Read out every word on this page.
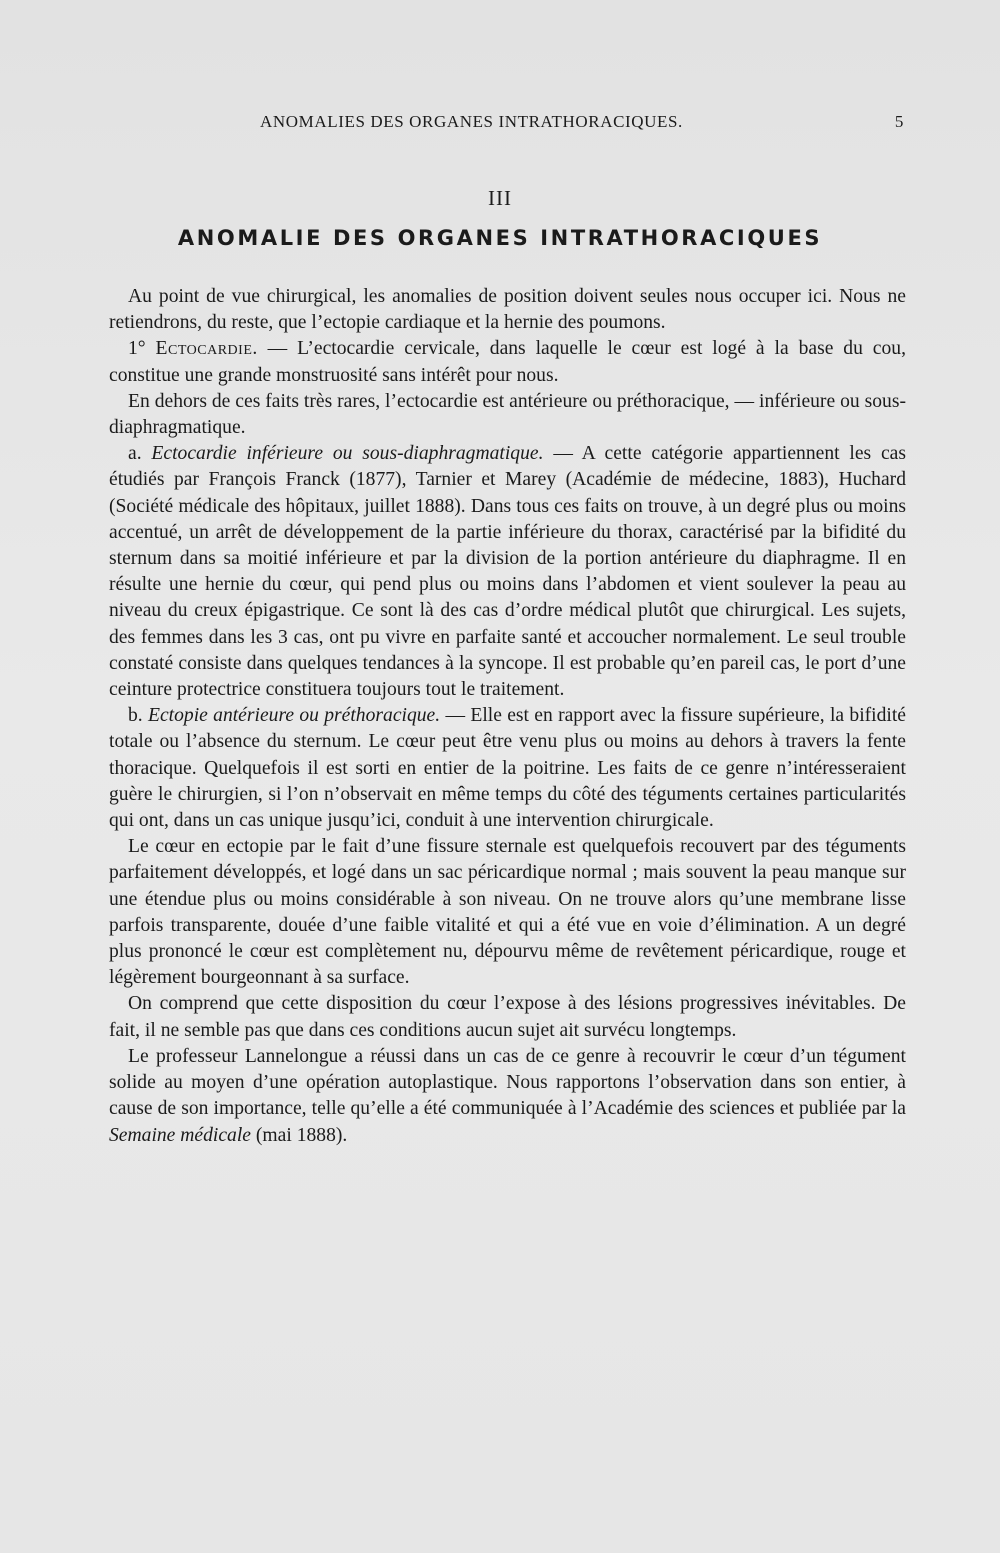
ANOMALIES DES ORGANES INTRATHORACIQUES.	5
III
ANOMALIE DES ORGANES INTRATHORACIQUES

Au point de vue chirurgical, les anomalies de position doivent seules nous occuper ici. Nous ne retiendrons, du reste, que l’ectopie cardiaque et la hernie des poumons.

1° Ectocardie. — L’ectocardie cervicale, dans laquelle le cœur est logé à la base du cou, constitue une grande monstruosité sans intérêt pour nous.

En dehors de ces faits très rares, l’ectocardie est antérieure ou préthoracique, — inférieure ou sous-diaphragmatique.

a. Ectocardie inférieure ou sous-diaphragmatique. — A cette catégorie appartiennent les cas étudiés par François Franck (1877), Tarnier et Marey (Académie de médecine, 1883), Huchard (Société médicale des hôpitaux, juillet 1888). Dans tous ces faits on trouve, à un degré plus ou moins accentué, un arrêt de développement de la partie inférieure du thorax, caractérisé par la bifidité du sternum dans sa moitié inférieure et par la division de la portion antérieure du diaphragme. Il en résulte une hernie du cœur, qui pend plus ou moins dans l’abdomen et vient soulever la peau au niveau du creux épigastrique. Ce sont là des cas d’ordre médical plutôt que chirurgical. Les sujets, des femmes dans les 3 cas, ont pu vivre en parfaite santé et accoucher normalement. Le seul trouble constaté consiste dans quelques tendances à la syncope. Il est probable qu’en pareil cas, le port d’une ceinture protectrice constituera toujours tout le traitement.

b. Ectopie antérieure ou préthoracique. — Elle est en rapport avec la fissure supérieure, la bifidité totale ou l’absence du sternum. Le cœur peut être venu plus ou moins au dehors à travers la fente thoracique. Quelquefois il est sorti en entier de la poitrine. Les faits de ce genre n’intéresseraient guère le chirurgien, si l’on n’observait en même temps du côté des téguments certaines particularités qui ont, dans un cas unique jusqu’ici, conduit à une intervention chirurgicale.

Le cœur en ectopie par le fait d’une fissure sternale est quelquefois recouvert par des téguments parfaitement développés, et logé dans un sac péricardique normal ; mais souvent la peau manque sur une étendue plus ou moins considérable à son niveau. On ne trouve alors qu’une membrane lisse parfois transparente, douée d’une faible vitalité et qui a été vue en voie d’élimination. A un degré plus prononcé le cœur est complètement nu, dépourvu même de revêtement péricardique, rouge et légèrement bourgeonnant à sa surface.

On comprend que cette disposition du cœur l’expose à des lésions progressives inévitables. De fait, il ne semble pas que dans ces conditions aucun sujet ait survécu longtemps.

Le professeur Lannelongue a réussi dans un cas de ce genre à recouvrir le cœur d’un tégument solide au moyen d’une opération autoplastique. Nous rapportons l’observation dans son entier, à cause de son importance, telle qu’elle a été communiquée à l’Académie des sciences et publiée par la Semaine médicale (mai 1888).
